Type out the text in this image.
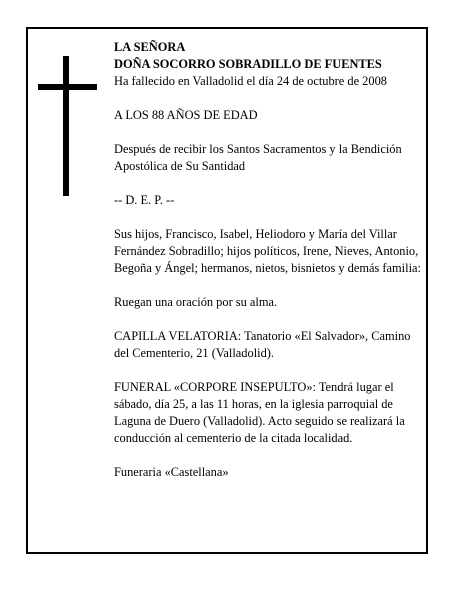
LA SEÑORA

DOÑA SOCORRO SOBRADILLO DE FUENTES

Ha fallecido en Valladolid el día 24 de octubre de 2008

A LOS 88 AÑOS DE EDAD

Después de recibir los Santos Sacramentos y la Bendición Apostólica de Su Santidad

-- D. E. P. --

Sus hijos, Francisco, Isabel, Heliodoro y María del Villar Fernández Sobradillo; hijos políticos, Irene, Nieves, Antonio, Begoña y Ángel; hermanos, nietos, bisnietos y demás familia:

Ruegan una oración por su alma.

CAPILLA VELATORIA: Tanatorio «El Salvador», Camino del Cementerio, 21 (Valladolid).

FUNERAL «CORPORE INSEPULTO»: Tendrá lugar el sábado, día 25, a las 11 horas, en la iglesia parroquial de Laguna de Duero (Valladolid). Acto seguido se realizará la conducción al cementerio de la citada localidad.

Funeraria «Castellana»
